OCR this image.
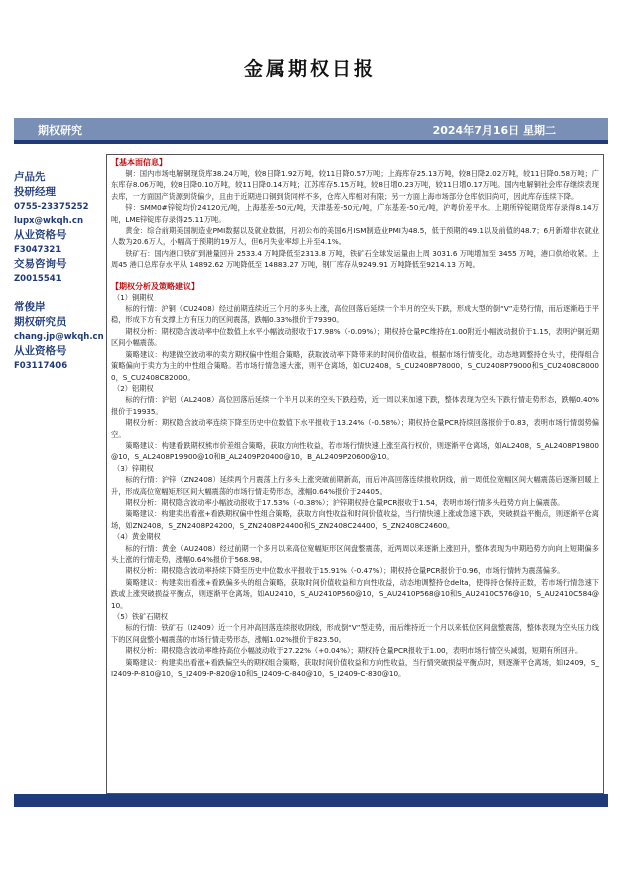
金属期权日报
期权研究	2024年7月16日 星期二
卢品先
投研经理
0755-23375252
lupx@wkqh.cn
从业资格号
F3047321
交易咨询号
Z0015541
常俊岸
期权研究员
chang.jp@wkqh.cn
从业资格号
F03117406
【基本面信息】

铜：国内市场电解铜现货库38.24万吨，较8日降1.92万吨，较11日降0.57万吨；上海库存25.13万吨，较8日降2.02万吨，较11日降0.58万吨；广东库存8.06万吨，较8日降0.10万吨，较11日降0.14万吨；江苏库存5.15万吨，较8日增0.23万吨，较11日增0.17万吨。国内电解铜社会库存继续表现去库，一方面国产货源到货偏少，且由于近期进口铜到货同样不多，仓库入库相对有限；另一方面上海市场部分仓库依旧尚可，因此库存连续下降。

锌：SMM0#锌锭均价24120元/吨，上海基差-50元/吨，天津基差-50元/吨，广东基差-50元/吨，沪粤价差平水。上期所锌锭期货库存录得8.14万吨，LME锌锭库存录得25.11万吨。

黄金：综合前期美国制造业PMI数据以及就业数据，月初公布的美国6月ISM制造业PMI为48.5，低于预期的49.1以及前值的48.7；6月新增非农就业人数为20.6万人，小幅高于预期的19万人，但6月失业率却上升至4.1%。

铁矿石：国内港口铁矿到港量回升 2533.4 万吨降低至2313.8 万吨，铁矿石全球发运量由上周 3031.6 万吨增加至 3455 万吨，港口供给收紧。上周45 港口总库存水平从 14892.62 万吨降低至 14883.27 万吨，钢厂库存从9249.91 万吨降低至9214.13 万吨。

【期权分析及策略建议】

（1）铜期权

标的行情：沪铜（CU2408）经过前期连续近三个月的多头上涨，高位回落后延续一个半月的空头下跌，形成大型的倒“V”走势行情，而后逐渐趋于平稳，形成下方有支撑上方有压力的区间震荡，跌幅0.33%报价于79390。

期权分析：期权隐含波动率中位数值上水平小幅波动报收于17.98%（-0.09%）；期权持仓量PC维持在1.00附近小幅波动报价于1.15，表明沪铜近期区间小幅震荡。

策略建议：构建做空波动率的卖方期权偏中性组合策略，获取波动率下降带来的时间价值收益，根据市场行情变化，动态地调整持仓头寸，使得组合策略偏向于卖方为主的中性组合策略。若市场行情急速大涨，则平仓离场，如CU2408，S_CU2408P78000，S_CU2408P79000和S_CU2408C80000，S_CU2408C82000。

（2）铝期权

标的行情：沪铝（AL2408）高位回落后延续一个半月以来的空头下跌趋势，近一周以来加速下跌，整体表现为空头下跌行情走势形态，跌幅0.40%报价于19935。

期权分析：期权隐含波动率连续下降至历史中位数值下水平报收于13.24%（-0.58%）；期权持仓量PCR持续回落报价于0.83，表明市场行情弱势偏空。

策略建议：构建看跌期权熊市价差组合策略，获取方向性收益，若市场行情快速上涨至高行权价，则逐渐平仓离场，如AL2408，S_AL2408P19800@10，S_AL2408P19900@10和B_AL2409P20400@10，B_AL2409P20600@10。

（3）锌期权

标的行情：沪锌（ZN2408）延续两个月震荡上行多头上涨突破前期新高，而后冲高回落连续报收阴线，前一周低位宽幅区间大幅震荡后逐渐回暖上升，形成高位宽幅矩形区间大幅震荡的市场行情走势形态，涨幅0.64%报价于24405。

期权分析：期权隐含波动率小幅波动报收于17.53%（-0.38%）；沪锌期权持仓量PCR报收于1.54，表明市场行情多头趋势方向上偏震荡。

策略建议：构建卖出看涨+看跌期权偏中性组合策略，获取方向性收益和时间价值收益，当行情快速上涨或急速下跌，突破损益平衡点，则逐渐平仓离场，如ZN2408，S_ZN2408P24200，S_ZN2408P24400和S_ZN2408C24400，S_ZN2408C24600。

（4）黄金期权

标的行情：黄金（AU2408）经过前期一个多月以来高位宽幅矩形区间盘整震荡，近两周以来逐渐上涨回升，整体表现为中期趋势方向向上短期偏多头上涨的行情走势，涨幅0.64%报价于568.98。

期权分析：期权隐含波动率持续下降至历史中位数水平报收于15.91%（-0.47%）；期权持仓量PCR报价于0.96，市场行情转为震荡偏多。

策略建议：构建卖出看涨+看跌偏多头的组合策略，获取时间价值收益和方向性收益，动态地调整持仓delta，使得持仓保持正数，若市场行情急速下跌或上涨突破损益平衡点，则逐渐平仓离场，如AU2410，S_AU2410P560@10，S_AU2410P568@10和S_AU2410C576@10，S_AU2410C584@10。

（5）铁矿石期权

标的行情：铁矿石（I2409）近一个月冲高回落连续报收阴线，形成倒“V”型走势，而后维持近一个月以来低位区间盘整震荡，整体表现为空头压力线下的区间盘整小幅震荡的市场行情走势形态，涨幅1.02%报价于823.50。

期权分析：期权隐含波动率维持高位小幅波动收于27.22%（+0.04%）；期权持仓量PCR报收于1.00，表明市场行情空头减弱，短期有所回升。

策略建议：构建卖出看涨+看跌偏空头的期权组合策略，获取时间价值收益和方向性收益，当行情突破损益平衡点时，则逐渐平仓离场，如I2409，S_I2409-P-810@10，S_I2409-P-820@10和S_I2409-C-840@10，S_I2409-C-830@10。
